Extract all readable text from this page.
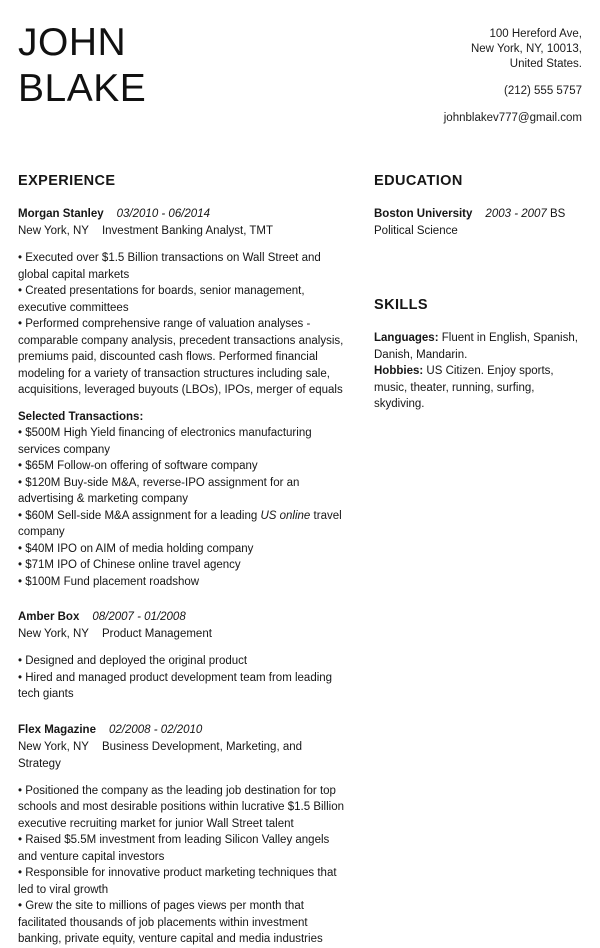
JOHN
BLAKE
100 Hereford Ave,
New York, NY, 10013,
United States.
(212) 555 5757
johnblakev777@gmail.com
EXPERIENCE
Morgan Stanley 03/2010 - 06/2014
New York, NY Investment Banking Analyst, TMT
• Executed over $1.5 Billion transactions on Wall Street and global capital markets
• Created presentations for boards, senior management, executive committees
• Performed comprehensive range of valuation analyses - comparable company analysis, precedent transactions analysis, premiums paid, discounted cash flows. Performed financial modeling for a variety of transaction structures including sale, acquisitions, leveraged buyouts (LBOs), IPOs, merger of equals
Selected Transactions:
• $500M High Yield financing of electronics manufacturing services company
• $65M Follow-on offering of software company
• $120M Buy-side M&A, reverse-IPO assignment for an advertising & marketing company
• $60M Sell-side M&A assignment for a leading US online travel company
• $40M IPO on AIM of media holding company
• $71M IPO of Chinese online travel agency
• $100M Fund placement roadshow
Amber Box 08/2007 - 01/2008
New York, NY Product Management
• Designed and deployed the original product
• Hired and managed product development team from leading tech giants
Flex Magazine 02/2008 - 02/2010
New York, NY Business Development, Marketing, and Strategy
• Positioned the company as the leading job destination for top schools and most desirable positions within lucrative $1.5 Billion executive recruiting market for junior Wall Street talent
• Raised $5.5M investment from leading Silicon Valley angels and venture capital investors
• Responsible for innovative product marketing techniques that led to viral growth
• Grew the site to millions of pages views per month that facilitated thousands of job placements within investment banking, private equity, venture capital and media industries
EDUCATION
Boston University 2003 - 2007 BS Political Science
SKILLS
Languages: Fluent in English, Spanish, Danish, Mandarin.
Hobbies: US Citizen. Enjoy sports, music, theater, running, surfing, skydiving.
